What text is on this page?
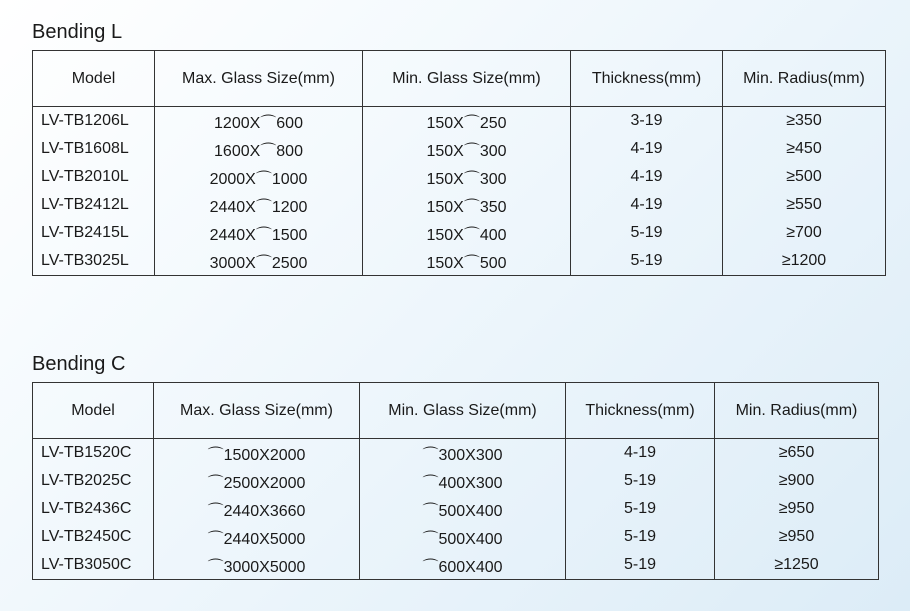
Bending L
Model	Max. Glass Size(mm)	Min. Glass Size(mm)	Thickness(mm)	Min. Radius(mm)
LV-TB1206L	1200X⌒600	150X⌒250	3-19	≥350
LV-TB1608L	1600X⌒800	150X⌒300	4-19	≥450
LV-TB2010L	2000X⌒1000	150X⌒300	4-19	≥500
LV-TB2412L	2440X⌒1200	150X⌒350	4-19	≥550
LV-TB2415L	2440X⌒1500	150X⌒400	5-19	≥700
LV-TB3025L	3000X⌒2500	150X⌒500	5-19	≥1200
Bending C
Model	Max. Glass Size(mm)	Min. Glass Size(mm)	Thickness(mm)	Min. Radius(mm)
LV-TB1520C	⌒1500X2000	⌒300X300	4-19	≥650
LV-TB2025C	⌒2500X2000	⌒400X300	5-19	≥900
LV-TB2436C	⌒2440X3660	⌒500X400	5-19	≥950
LV-TB2450C	⌒2440X5000	⌒500X400	5-19	≥950
LV-TB3050C	⌒3000X5000	⌒600X400	5-19	≥1250
